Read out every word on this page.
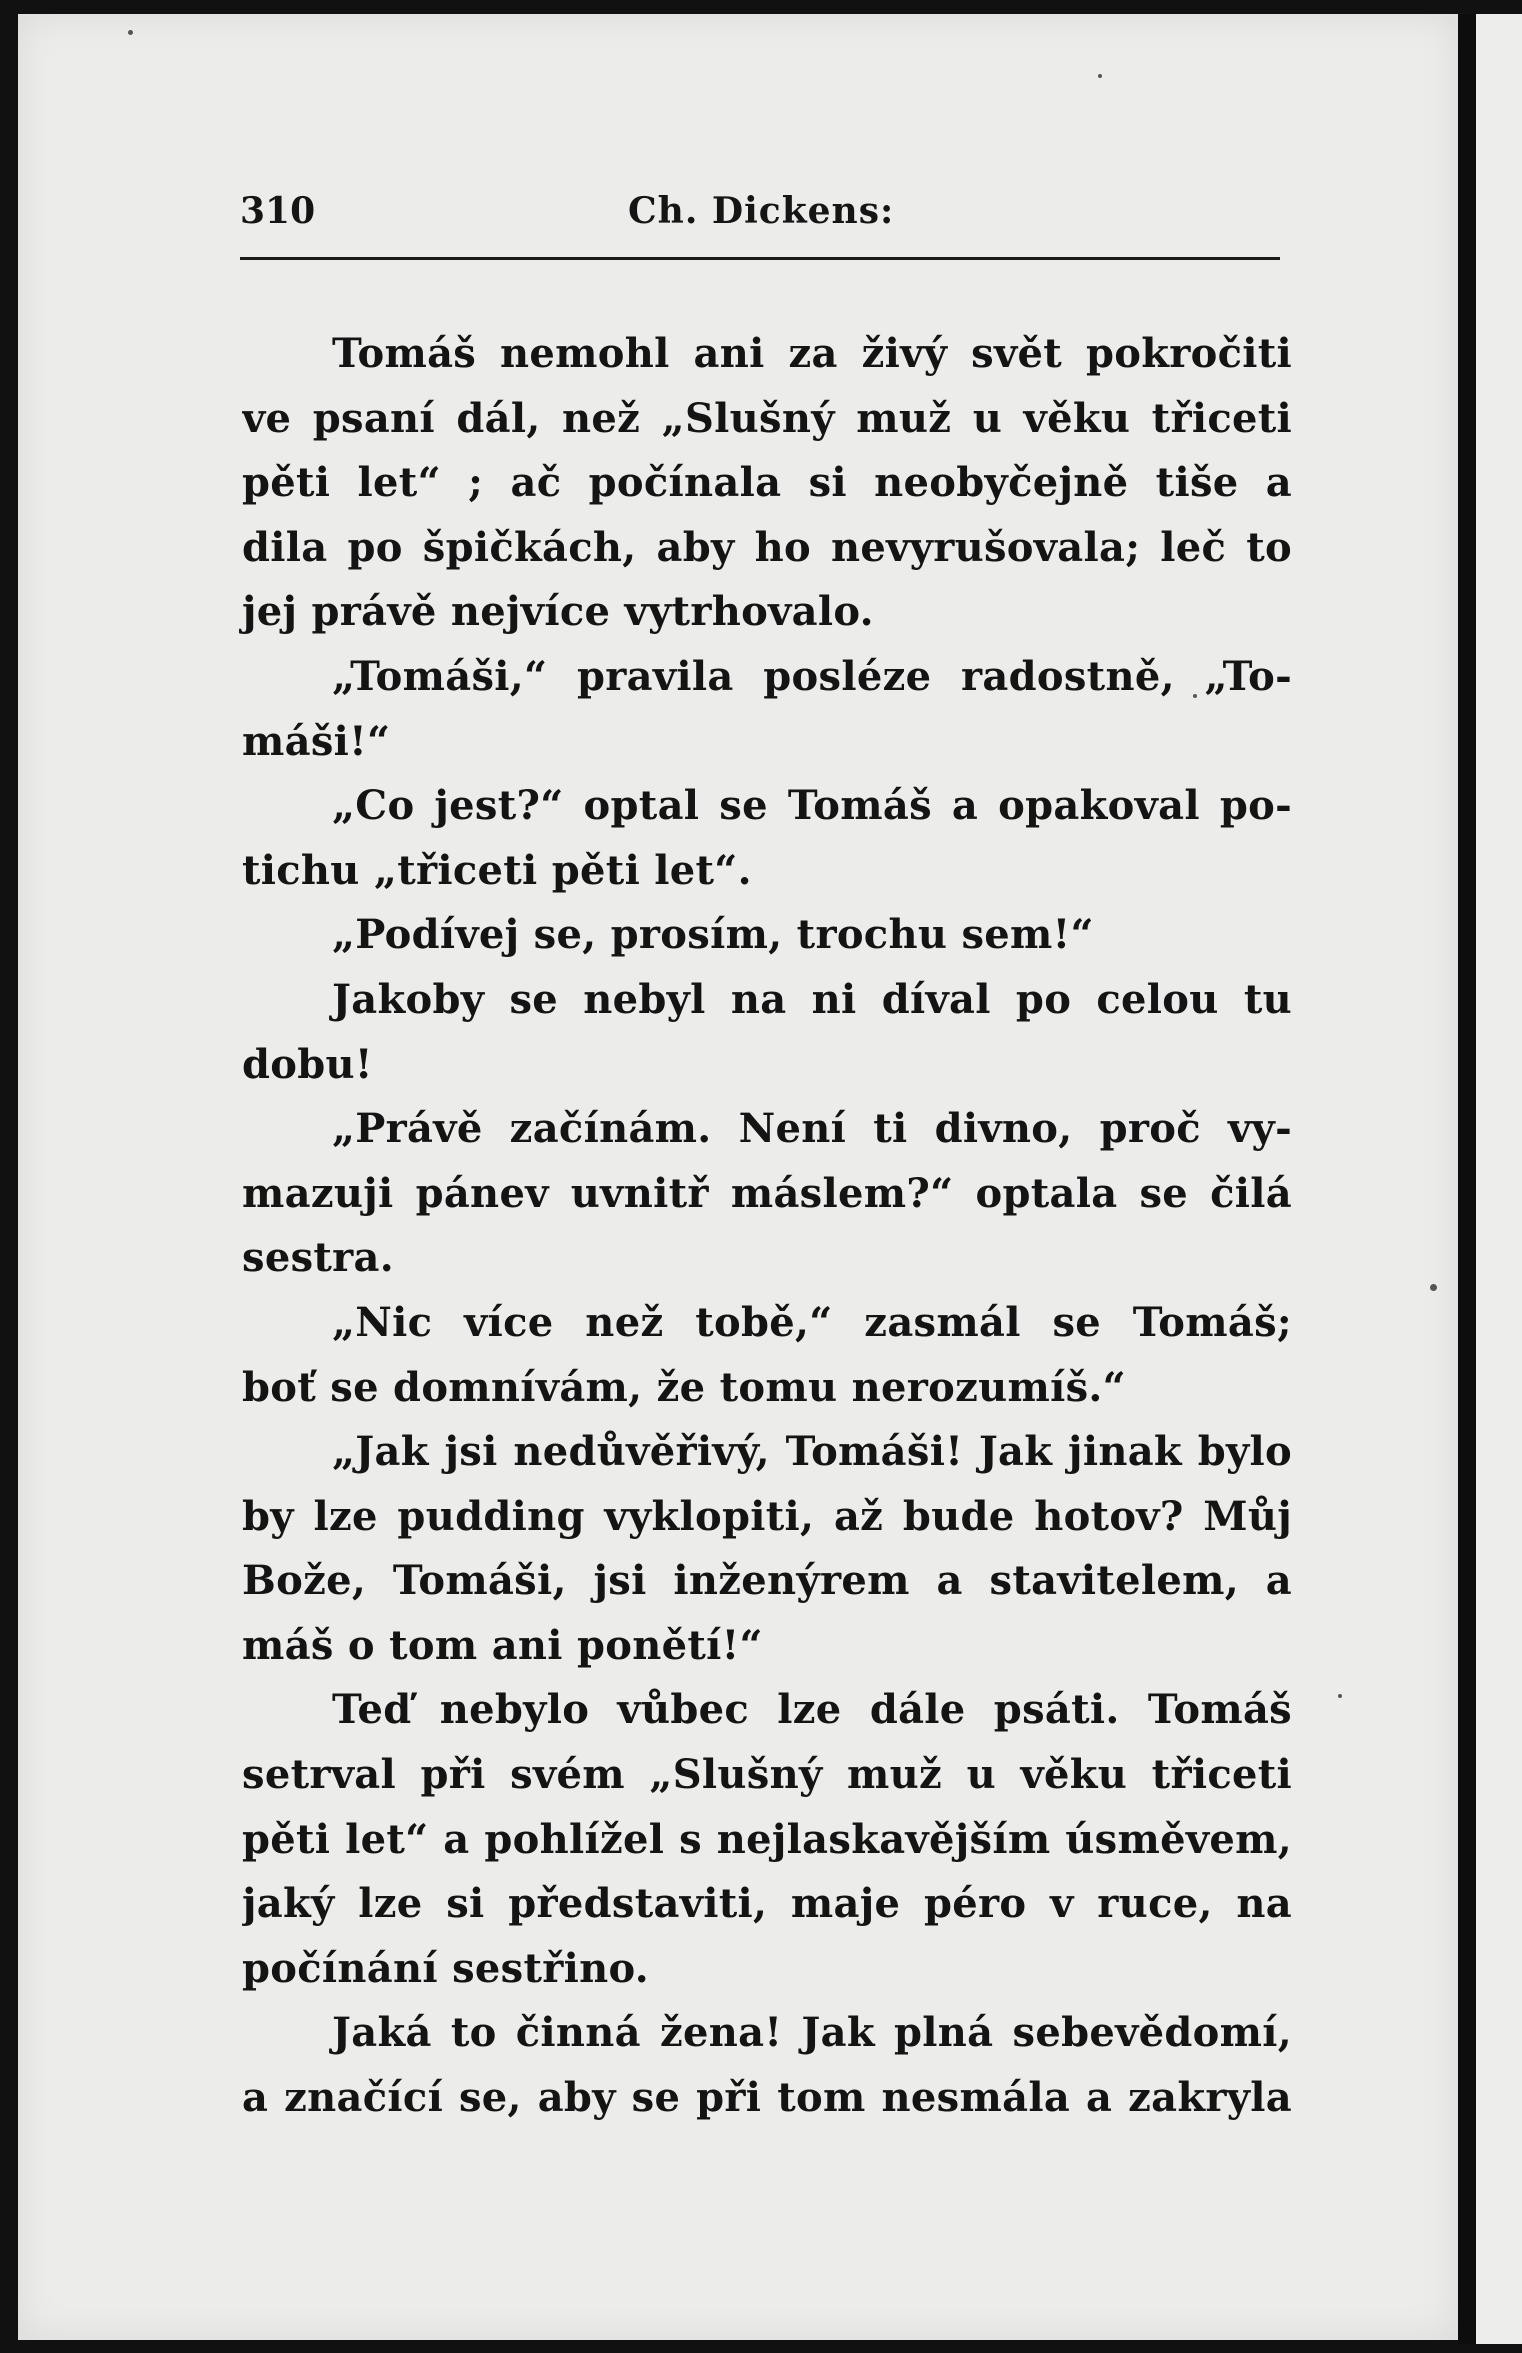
310	Ch. Dickens:
Tomáš nemohl ani za živý svět pokročiti
ve psaní dál, než „Slušný muž u věku třiceti
pěti let“ ; ač počínala si neobyčejně tiše a
dila po špičkách, aby ho nevyrušovala; leč to
jej právě nejvíce vytrhovalo.
„Tomáši,“ pravila posléze radostně, „To-
máši!“
„Co jest?“ optal se Tomáš a opakoval po-
tichu „třiceti pěti let“.
„Podívej se, prosím, trochu sem!“
Jakoby se nebyl na ni díval po celou tu
dobu!
„Právě začínám. Není ti divno, proč vy-
mazuji pánev uvnitř máslem?“ optala se čilá
sestra.
„Nic více než tobě,“ zasmál se Tomáš;
boť se domnívám, že tomu nerozumíš.“
„Jak jsi nedůvěřivý, Tomáši! Jak jinak bylo
by lze pudding vyklopiti, až bude hotov? Můj
Bože, Tomáši, jsi inženýrem a stavitelem, a
máš o tom ani ponětí!“
Teď nebylo vůbec lze dále psáti. Tomáš
setrval při svém „Slušný muž u věku třiceti
pěti let“ a pohlížel s nejlaskavějším úsměvem,
jaký lze si představiti, maje péro v ruce, na
počínání sestřino.
Jaká to činná žena! Jak plná sebevědomí,
a značící se, aby se při tom nesmála a zakryla
